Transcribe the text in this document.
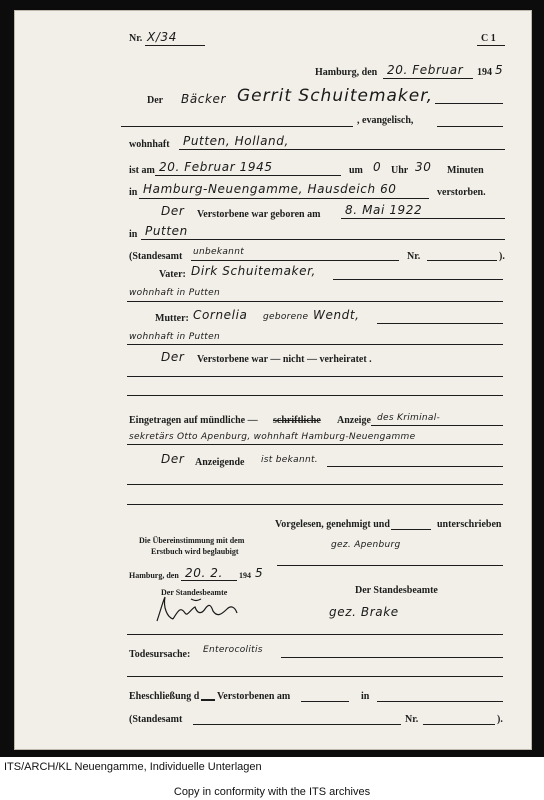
Nr. X/34	C 1
Hamburg, den 20. Februar 194 5
Der Bäcker Gerrit Schuitemaker,
, evangelisch,
wohnhaft Putten, Holland,
ist am 20. Februar 1945	um 0 Uhr 30 Minuten
in Hamburg-Neuengamme, Hausdeich 60	verstorben.
Der Verstorbene war geboren am 8. Mai 1922
in Putten
(Standesamt unbekannt	Nr.	).
Vater: Dirk Schuitemaker,
wohnhaft in Putten
Mutter: Cornelia geborene Wendt,
wohnhaft in Putten
Der Verstorbene war — nicht — verheiratet .
Eingetragen auf mündliche — schriftliche Anzeige des Kriminal-
sekretärs Otto Apenburg, wohnhaft Hamburg-Neuengamme
Der Anzeigende ist bekannt.
Vorgelesen, genehmigt und	unterschrieben
Die Übereinstimmung mit dem
Erstbuch wird beglaubigt
gez. Apenburg
Hamburg, den 20. 2. 194 5
Der Standesbeamte	Der Standesbeamte
gez. Brake
Todesursache: Enterocolitis
Eheschließung d Verstorbenen am	in
(Standesamt	Nr.	).
ITS/ARCH/KL Neuengamme, Individuelle Unterlagen
Copy in conformity with the ITS archives
